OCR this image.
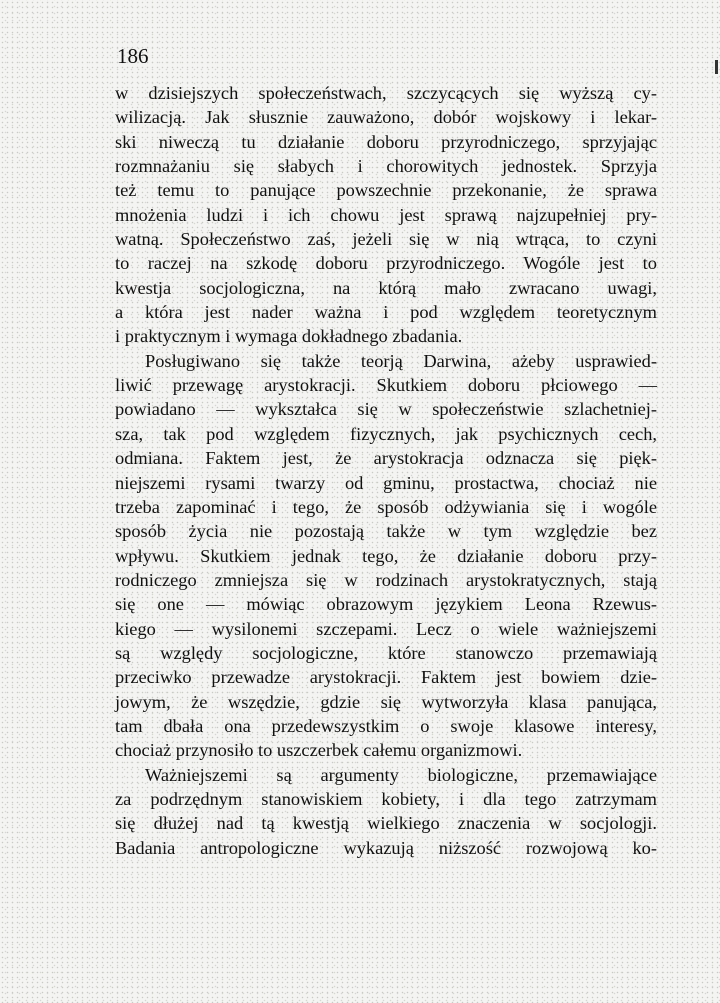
186
w dzisiejszych społeczeństwach, szczycących się wyższą cy-
wilizacją. Jak słusznie zauważono, dobór wojskowy i lekar-
ski niweczą tu działanie doboru przyrodniczego, sprzyjając
rozmnażaniu się słabych i chorowitych jednostek. Sprzyja
też temu to panujące powszechnie przekonanie, że sprawa
mnożenia ludzi i ich chowu jest sprawą najzupełniej pry-
watną. Społeczeństwo zaś, jeżeli się w nią wtrąca, to czyni
to raczej na szkodę doboru przyrodniczego. Wogóle jest to
kwestja socjologiczna, na którą mało zwracano uwagi,
a która jest nader ważna i pod względem teoretycznym
i praktycznym i wymaga dokładnego zbadania.
Posługiwano się także teorją Darwina, ażeby usprawied-
liwić przewagę arystokracji. Skutkiem doboru płciowego —
powiadano — wykształca się w społeczeństwie szlachetniej-
sza, tak pod względem fizycznych, jak psychicznych cech,
odmiana. Faktem jest, że arystokracja odznacza się pięk-
niejszemi rysami twarzy od gminu, prostactwa, chociaż nie
trzeba zapominać i tego, że sposób odżywiania się i wogóle
sposób życia nie pozostają także w tym względzie bez
wpływu. Skutkiem jednak tego, że działanie doboru przy-
rodniczego zmniejsza się w rodzinach arystokratycznych, stają
się one — mówiąc obrazowym językiem Leona Rzewus-
kiego — wysilonemi szczepami. Lecz o wiele ważniejszemi
są względy socjologiczne, które stanowczo przemawiają
przeciwko przewadze arystokracji. Faktem jest bowiem dzie-
jowym, że wszędzie, gdzie się wytworzyła klasa panująca,
tam dbała ona przedewszystkim o swoje klasowe interesy,
chociaż przynosiło to uszczerbek całemu organizmowi.
Ważniejszemi są argumenty biologiczne, przemawiające
za podrzędnym stanowiskiem kobiety, i dla tego zatrzymam
się dłużej nad tą kwestją wielkiego znaczenia w socjologji.
Badania antropologiczne wykazują niższość rozwojową ko-
